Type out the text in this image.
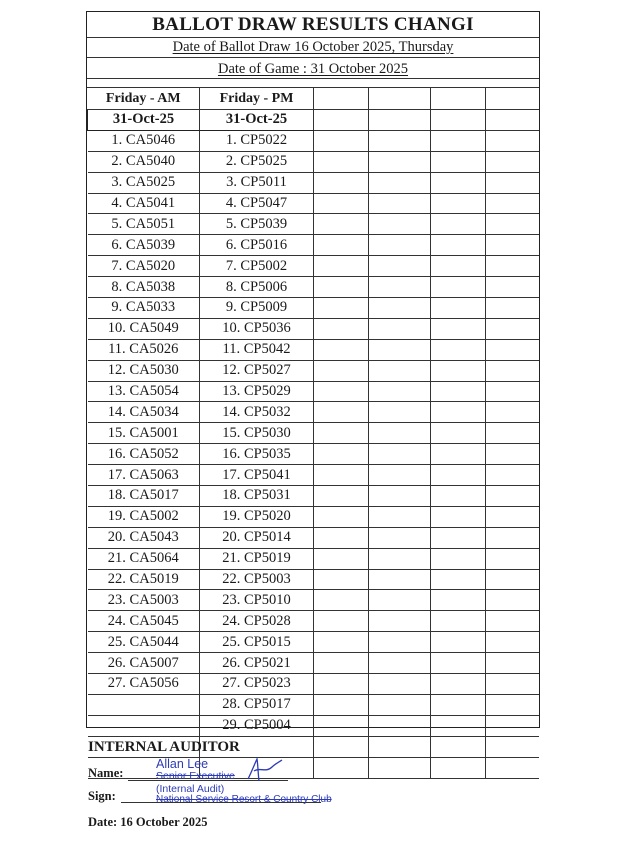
BALLOT DRAW RESULTS CHANGI
Date of Ballot Draw 16 October 2025, Thursday
Date of Game : 31 October 2025
Friday - AM	Friday - PM				
31-Oct-25	31-Oct-25				
1. CA5046	1. CP5022				
2. CA5040	2. CP5025				
3. CA5025	3. CP5011				
4. CA5041	4. CP5047				
5. CA5051	5. CP5039				
6. CA5039	6. CP5016				
7. CA5020	7. CP5002				
8. CA5038	8. CP5006				
9. CA5033	9. CP5009				
10. CA5049	10. CP5036				
11. CA5026	11. CP5042				
12. CA5030	12. CP5027				
13. CA5054	13. CP5029				
14. CA5034	14. CP5032				
15. CA5001	15. CP5030				
16. CA5052	16. CP5035				
17. CA5063	17. CP5041				
18. CA5017	18. CP5031				
19. CA5002	19. CP5020				
20. CA5043	20. CP5014				
21. CA5064	21. CP5019				
22. CA5019	22. CP5003				
23. CA5003	23. CP5010				
24. CA5045	24. CP5028				
25. CA5044	25. CP5015				
26. CA5007	26. CP5021				
27. CA5056	27. CP5023				
	28. CP5017				
	29. CP5004				

INTERNAL AUDITOR
Name:
Sign:
Allan Lee
Senior Executive
(Internal Audit)
National Service Resort & Country Club
Date: 16 October 2025
